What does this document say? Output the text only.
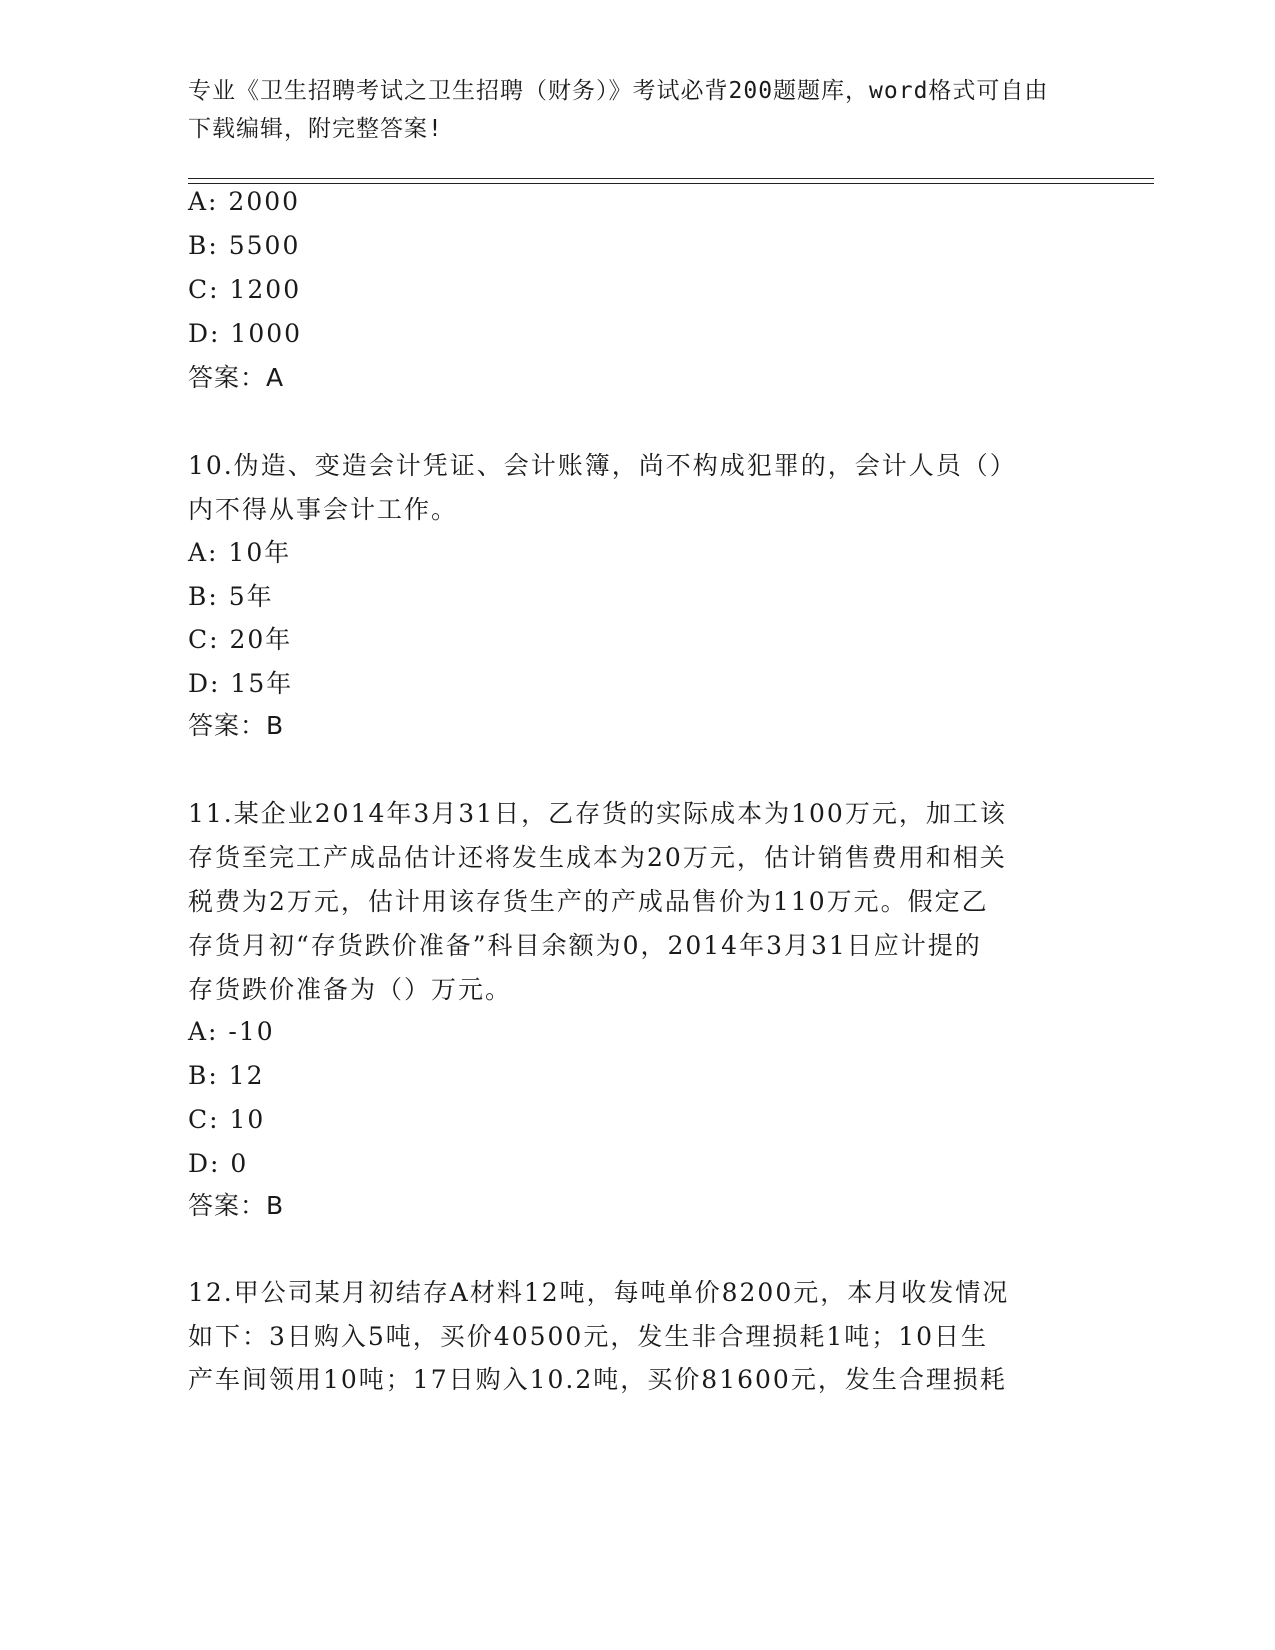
专业《卫生招聘考试之卫生招聘（财务）》考试必背200题题库，word格式可自由下载编辑，附完整答案!
A: 2000
B: 5500
C: 1200
D: 1000
答案：A
10.伪造、变造会计凭证、会计账簿，尚不构成犯罪的，会计人员（）
内不得从事会计工作。
A: 10年
B: 5年
C: 20年
D: 15年
答案：B
11.某企业2014年3月31日，乙存货的实际成本为100万元，加工该
存货至完工产成品估计还将发生成本为20万元，估计销售费用和相关
税费为2万元，估计用该存货生产的产成品售价为110万元。假定乙
存货月初“存货跌价准备”科目余额为0，2014年3月31日应计提的
存货跌价准备为（）万元。
A: -10
B: 12
C: 10
D: 0
答案：B
12.甲公司某月初结存A材料12吨，每吨单价8200元，本月收发情况
如下：3日购入5吨，买价40500元，发生非合理损耗1吨；10日生
产车间领用10吨；17日购入10.2吨，买价81600元，发生合理损耗
